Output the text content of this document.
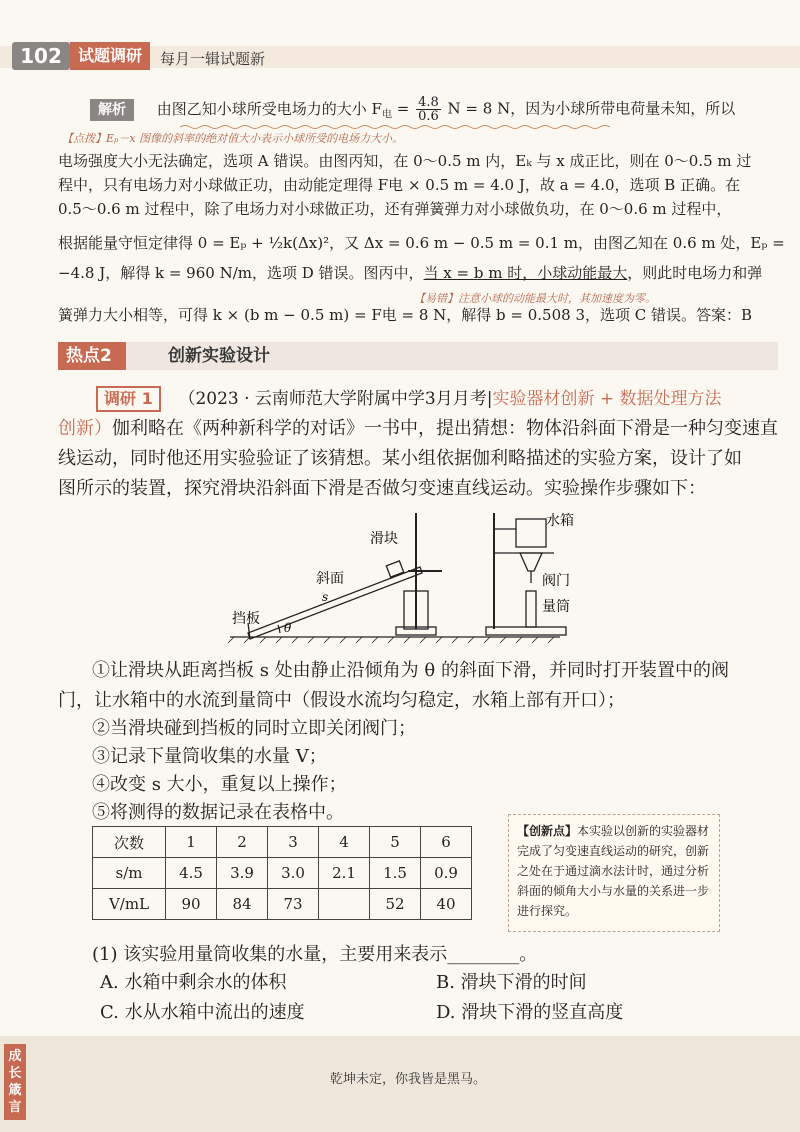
102	试题调研	每月一辑试题新
解析 由图乙知小球所受电场力的大小 $F_电 = \frac{4.8}{0.6}$ N = 8 N，因为小球所带电荷量未知，所以
【点拨】Eₚ－x 图像的斜率的绝对值大小表示小球所受的电场力大小。
电场强度大小无法确定，选项 A 错误。由图丙知，在 0～0.5 m 内，Eₖ 与 x 成正比，则在 0～0.5 m 过
程中，只有电场力对小球做正功，由动能定理得 F电 × 0.5 m = 4.0 J，故 a = 4.0，选项 B 正确。在
0.5～0.6 m 过程中，除了电场力对小球做正功，还有弹簧弹力对小球做负功，在 0～0.6 m 过程中，
根据能量守恒定律得 0 = Eₚ + ½k(Δx)²，又 Δx = 0.6 m − 0.5 m = 0.1 m，由图乙知在 0.6 m 处，Eₚ =
−4.8 J，解得 k = 960 N/m，选项 D 错误。图丙中，当 x = b m 时，小球动能最大，则此时电场力和弹
【易错】注意小球的动能最大时，其加速度为零。
簧弹力大小相等，可得 k × (b m − 0.5 m) = F电 = 8 N，解得 b = 0.508 3，选项 C 错误。答案：B
热点2	创新实验设计
调研 1 （2023 · 云南师范大学附属中学3月月考|实验器材创新 + 数据处理方法
创新）伽利略在《两种新科学的对话》一书中，提出猜想：物体沿斜面下滑是一种匀变速直
线运动，同时他还用实验验证了该猜想。某小组依据伽利略描述的实验方案，设计了如
图所示的装置，探究滑块沿斜面下滑是否做匀变速直线运动。实验操作步骤如下：
滑块
斜面
s
挡板
θ
水箱
阀门
量筒
①让滑块从距离挡板 s 处由静止沿倾角为 θ 的斜面下滑，并同时打开装置中的阀
门，让水箱中的水流到量筒中（假设水流均匀稳定，水箱上部有开口）；
②当滑块碰到挡板的同时立即关闭阀门；
③记录下量筒收集的水量 V；
④改变 s 大小，重复以上操作；
⑤将测得的数据记录在表格中。
次数	1	2	3	4	5	6
s/m	4.5	3.9	3.0	2.1	1.5	0.9
V/mL	90	84	73		52	40
【创新点】本实验以创新的实验器材完成了匀变速直线运动的研究，创新之处在于通过滴水法计时，通过分析斜面的倾角大小与水量的关系进一步进行探究。
(1) 该实验用量筒收集的水量，主要用来表示________。
A. 水箱中剩余水的体积	B. 滑块下滑的时间
C. 水从水箱中流出的速度	D. 滑块下滑的竖直高度
成长箴言
乾坤未定，你我皆是黑马。
